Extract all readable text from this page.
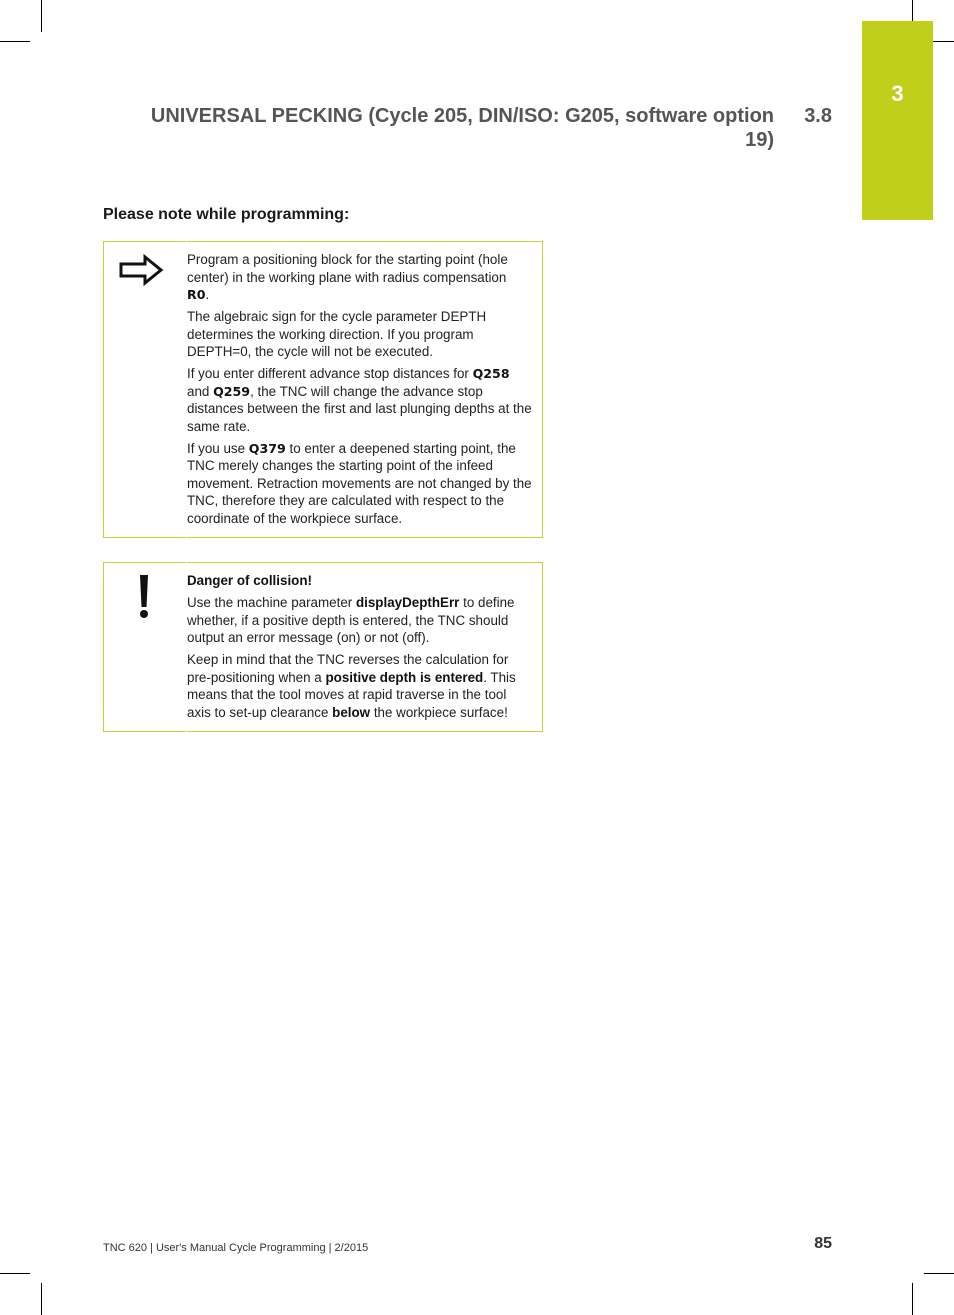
3
UNIVERSAL PECKING (Cycle 205, DIN/ISO: G205, software option
19)
3.8
Please note while programming:

Program a positioning block for the starting point (hole center) in the working plane with radius compensation R0.

The algebraic sign for the cycle parameter DEPTH determines the working direction. If you program DEPTH=0, the cycle will not be executed.

If you enter different advance stop distances for Q258 and Q259, the TNC will change the advance stop distances between the first and last plunging depths at the same rate.

If you use Q379 to enter a deepened starting point, the TNC merely changes the starting point of the infeed movement. Retraction movements are not changed by the TNC, therefore they are calculated with respect to the coordinate of the workpiece surface.

Danger of collision!

Use the machine parameter displayDepthErr to define whether, if a positive depth is entered, the TNC should output an error message (on) or not (off).

Keep in mind that the TNC reverses the calculation for pre-positioning when a positive depth is entered. This means that the tool moves at rapid traverse in the tool axis to set-up clearance below the workpiece surface!

TNC 620 | User's Manual Cycle Programming | 2/2015	85
